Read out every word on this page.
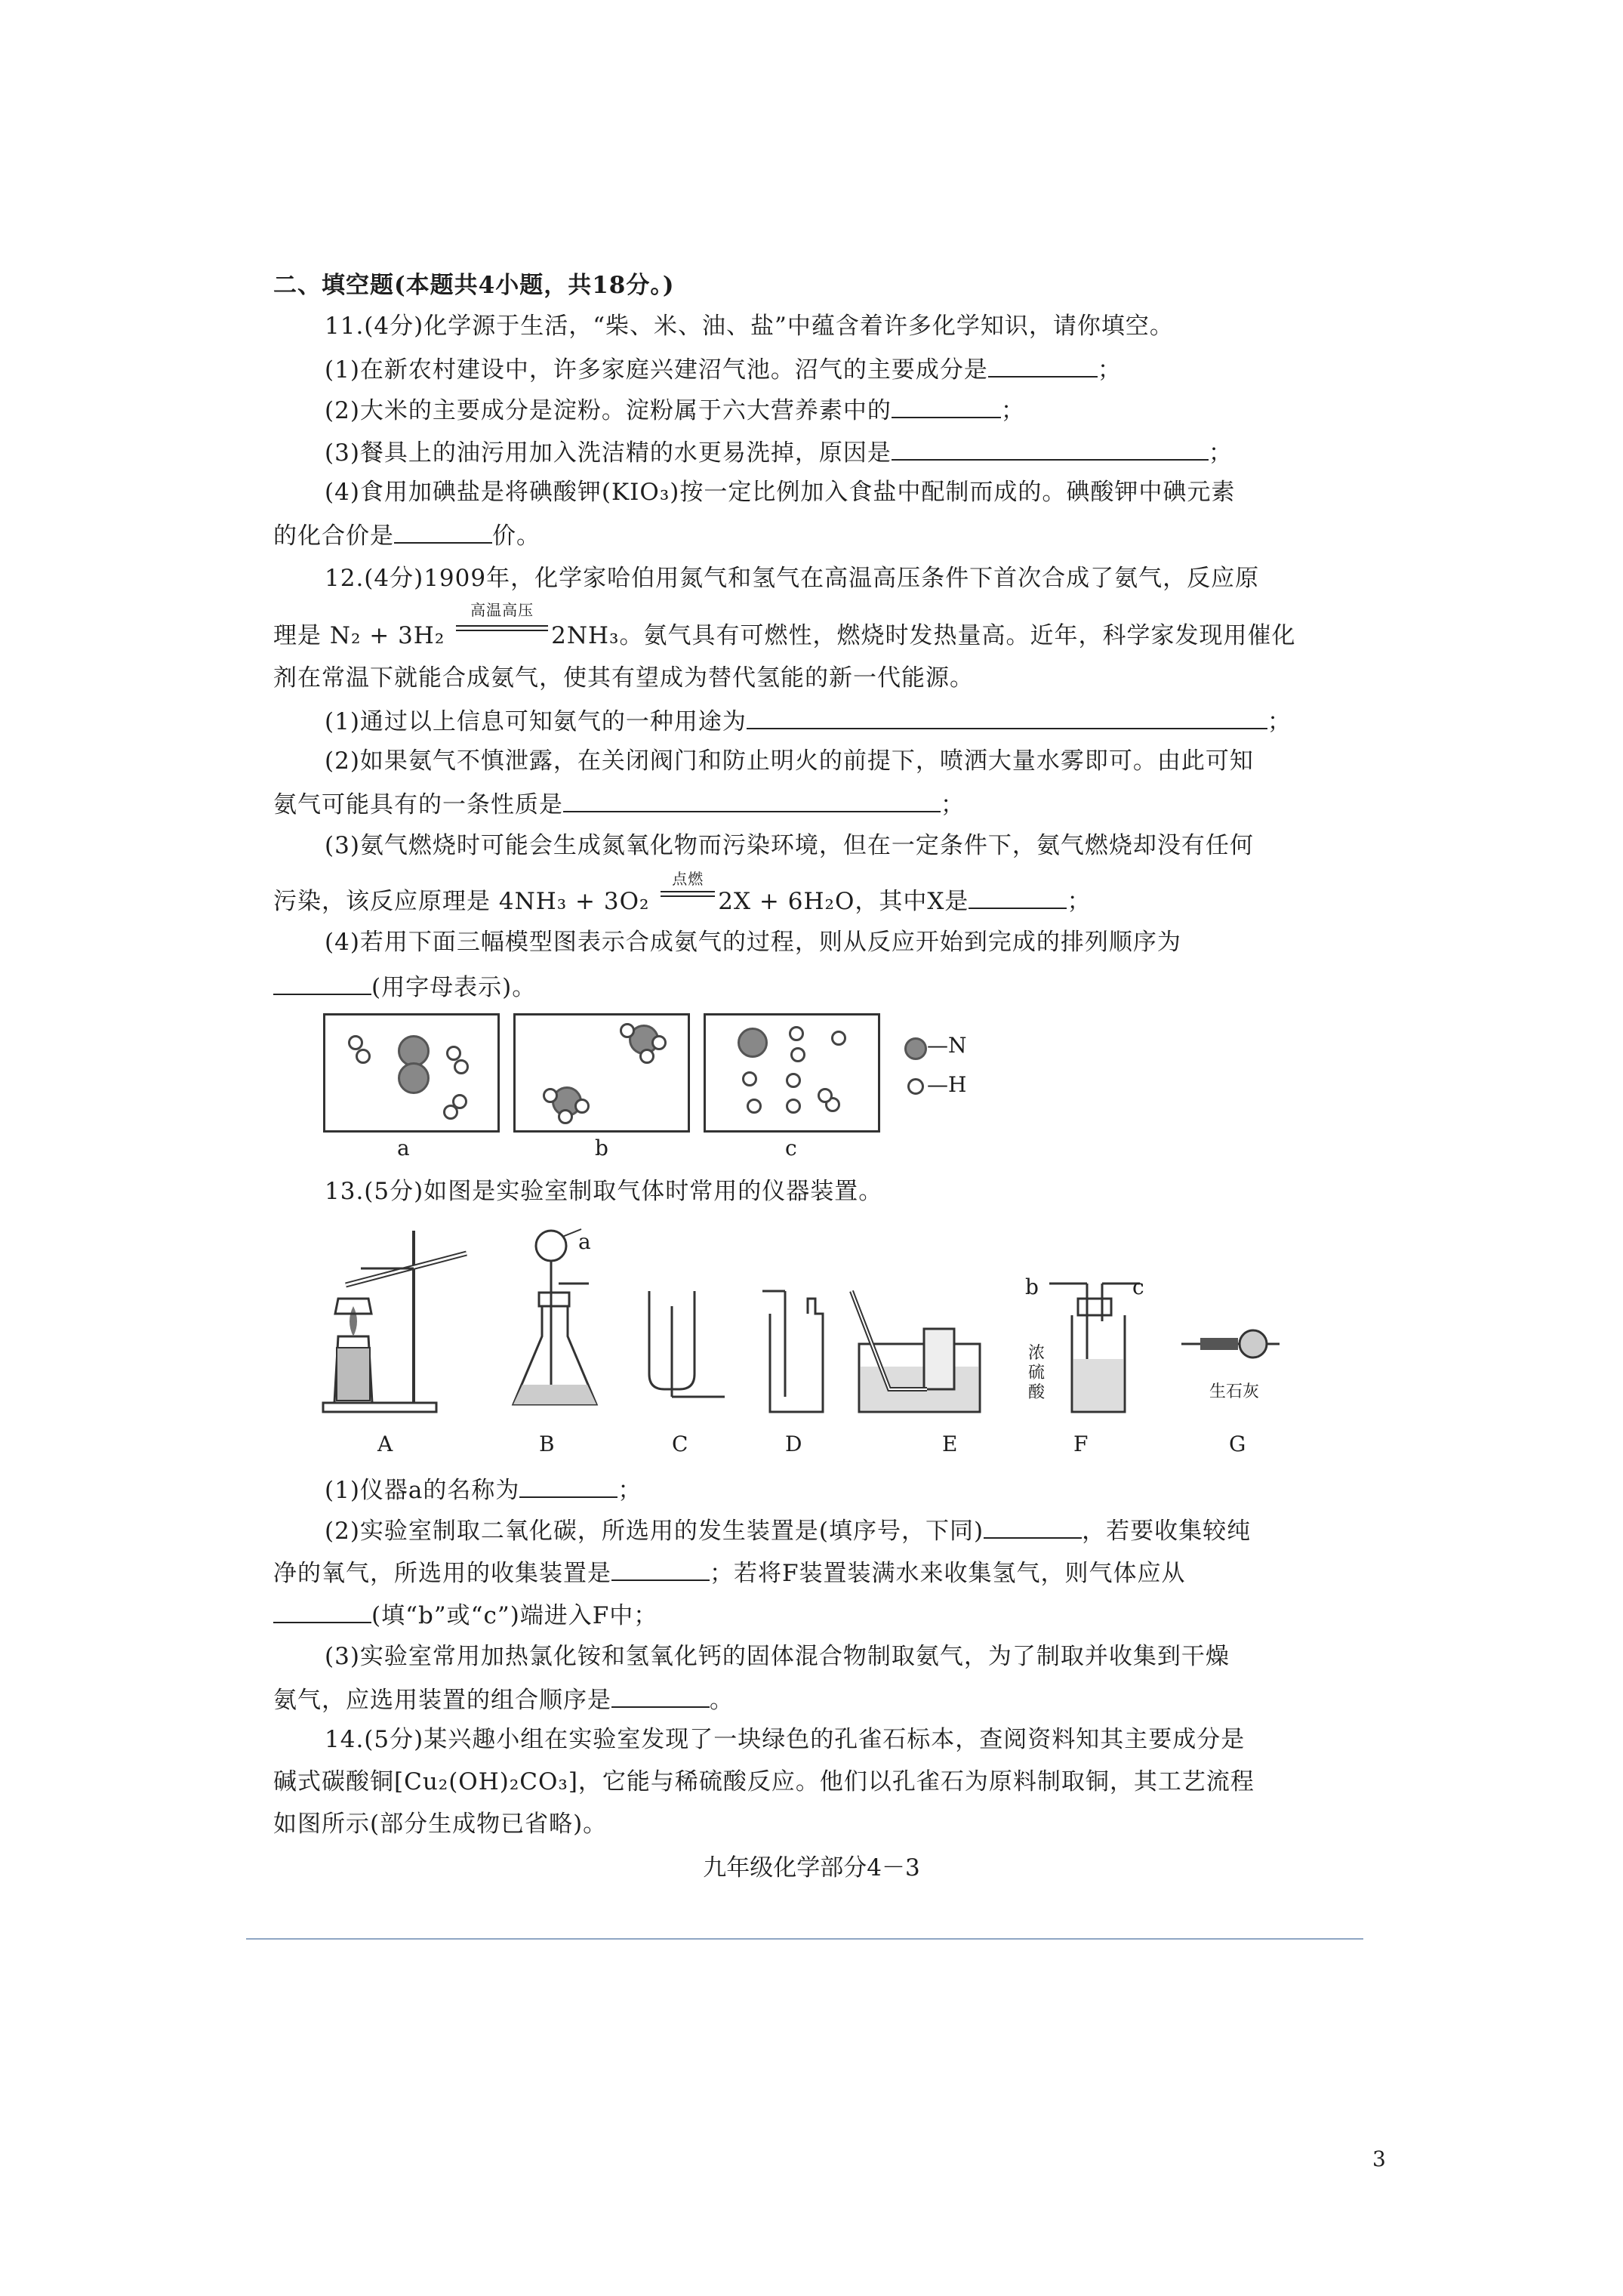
二、填空题(本题共4小题，共18分。)
11.(4分)化学源于生活，“柴、米、油、盐”中蕴含着许多化学知识，请你填空。
(1)在新农村建设中，许多家庭兴建沼气池。沼气的主要成分是	；
(2)大米的主要成分是淀粉。淀粉属于六大营养素中的	；
(3)餐具上的油污用加入洗洁精的水更易洗掉，原因是	；
(4)食用加碘盐是将碘酸钾(KIO₃)按一定比例加入食盐中配制而成的。碘酸钾中碘元素
的化合价是	价。
12.(4分)1909年，化学家哈伯用氮气和氢气在高温高压条件下首次合成了氨气，反应原
理是 N₂ + 3H₂
高温高压
2NH₃。氨气具有可燃性，燃烧时发热量高。近年，科学家发现用催化
剂在常温下就能合成氨气，使其有望成为替代氢能的新一代能源。
(1)通过以上信息可知氨气的一种用途为	；
(2)如果氨气不慎泄露，在关闭阀门和防止明火的前提下，喷洒大量水雾即可。由此可知
氨气可能具有的一条性质是	；
(3)氨气燃烧时可能会生成氮氧化物而污染环境，但在一定条件下，氨气燃烧却没有任何
污染，该反应原理是 4NH₃ + 3O₂
点燃
2X + 6H₂O，其中X是	；
(4)若用下面三幅模型图表示合成氨气的过程，则从反应开始到完成的排列顺序为
(用字母表示)。
a	b	c
—N
—H
13.(5分)如图是实验室制取气体时常用的仪器装置。
a
b	c
浓
硫
酸	生石灰
A	B	C	D	E	F	G
(1)仪器a的名称为	；
(2)实验室制取二氧化碳，所选用的发生装置是(填序号，下同)	，若要收集较纯
净的氧气，所选用的收集装置是	；若将F装置装满水来收集氢气，则气体应从
(填“b”或“c”)端进入F中；
(3)实验室常用加热氯化铵和氢氧化钙的固体混合物制取氨气，为了制取并收集到干燥
氨气，应选用装置的组合顺序是	。
14.(5分)某兴趣小组在实验室发现了一块绿色的孔雀石标本，查阅资料知其主要成分是
碱式碳酸铜[Cu₂(OH)₂CO₃]，它能与稀硫酸反应。他们以孔雀石为原料制取铜，其工艺流程
如图所示(部分生成物已省略)。
九年级化学部分4－3
3
